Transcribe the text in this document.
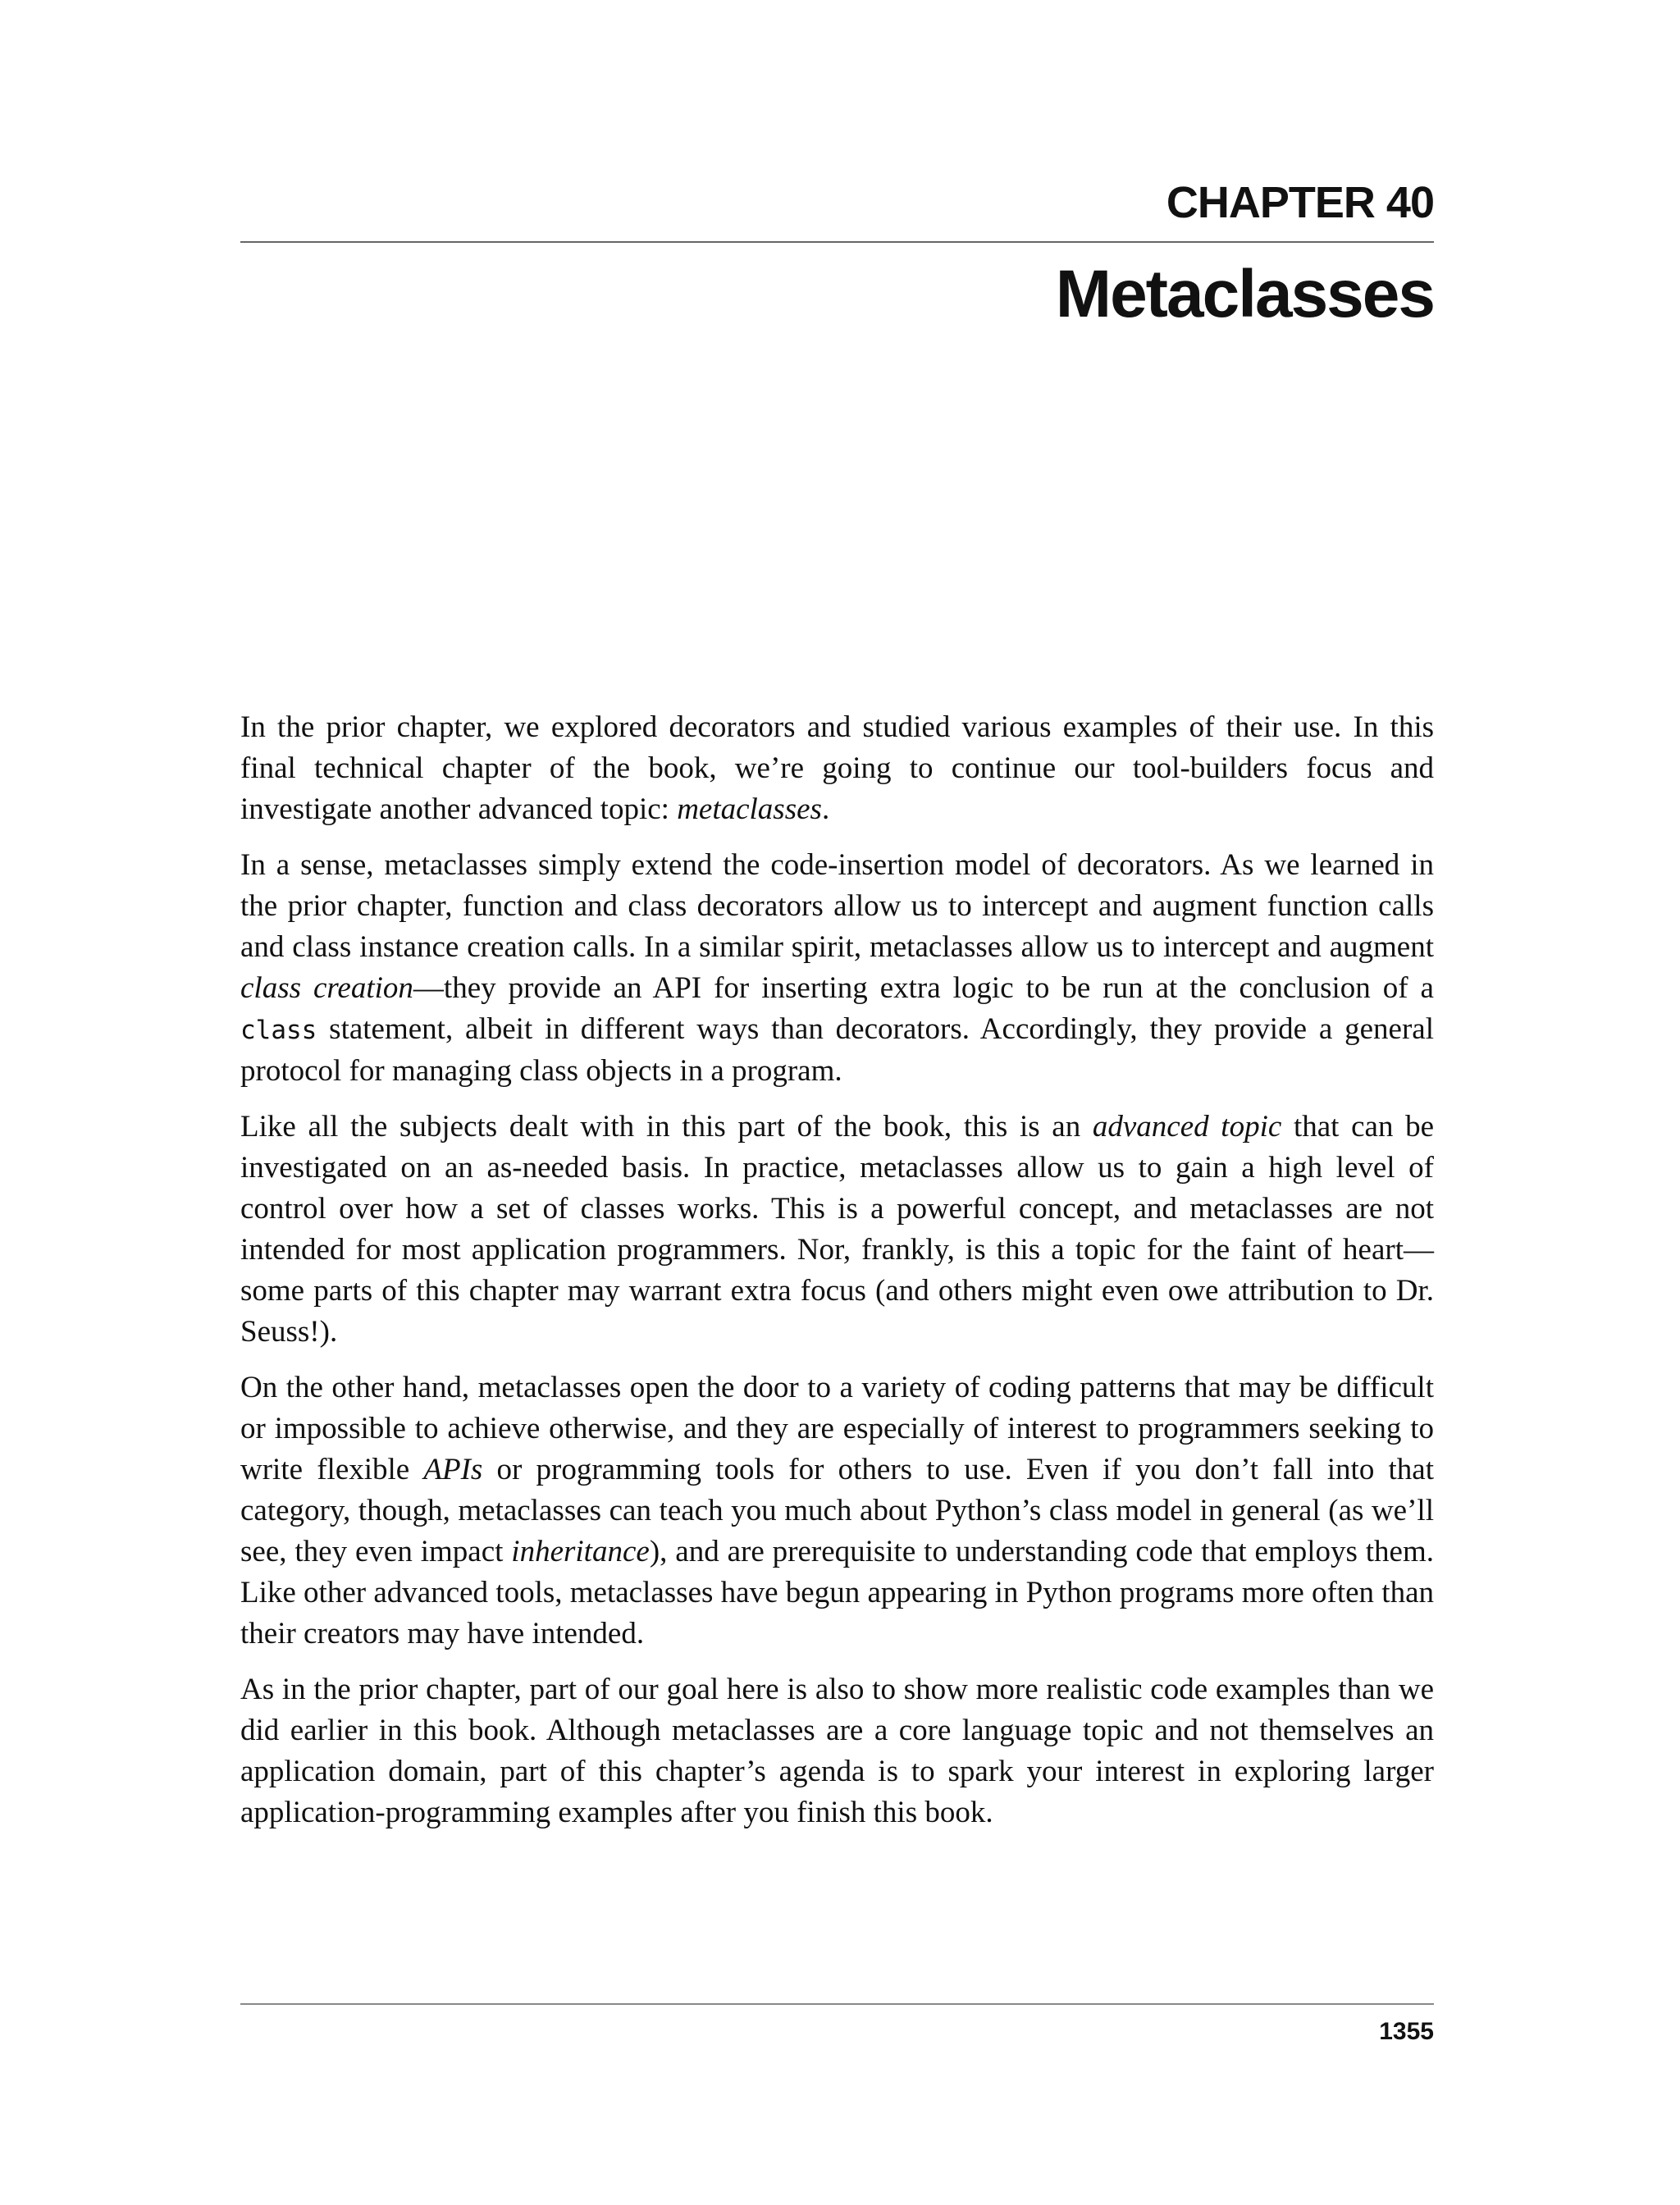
CHAPTER 40
Metaclasses

In the prior chapter, we explored decorators and studied various examples of their use. In this final technical chapter of the book, we’re going to continue our tool-builders focus and investigate another advanced topic: metaclasses.

In a sense, metaclasses simply extend the code-insertion model of decorators. As we learned in the prior chapter, function and class decorators allow us to intercept and augment function calls and class instance creation calls. In a similar spirit, metaclasses allow us to intercept and augment class creation—they provide an API for inserting extra logic to be run at the conclusion of a class statement, albeit in different ways than decorators. Accordingly, they provide a general protocol for managing class objects in a program.

Like all the subjects dealt with in this part of the book, this is an advanced topic that can be investigated on an as-needed basis. In practice, metaclasses allow us to gain a high level of control over how a set of classes works. This is a powerful concept, and metaclasses are not intended for most application programmers. Nor, frankly, is this a topic for the faint of heart—some parts of this chapter may warrant extra focus (and others might even owe attribution to Dr. Seuss!).

On the other hand, metaclasses open the door to a variety of coding patterns that may be difficult or impossible to achieve otherwise, and they are especially of interest to programmers seeking to write flexible APIs or programming tools for others to use. Even if you don’t fall into that category, though, metaclasses can teach you much about Python’s class model in general (as we’ll see, they even impact inheritance), and are prerequisite to understanding code that employs them. Like other advanced tools, metaclasses have begun appearing in Python programs more often than their creators may have intended.

As in the prior chapter, part of our goal here is also to show more realistic code examples than we did earlier in this book. Although metaclasses are a core language topic and not themselves an application domain, part of this chapter’s agenda is to spark your interest in exploring larger application-programming examples after you finish this book.

1355
